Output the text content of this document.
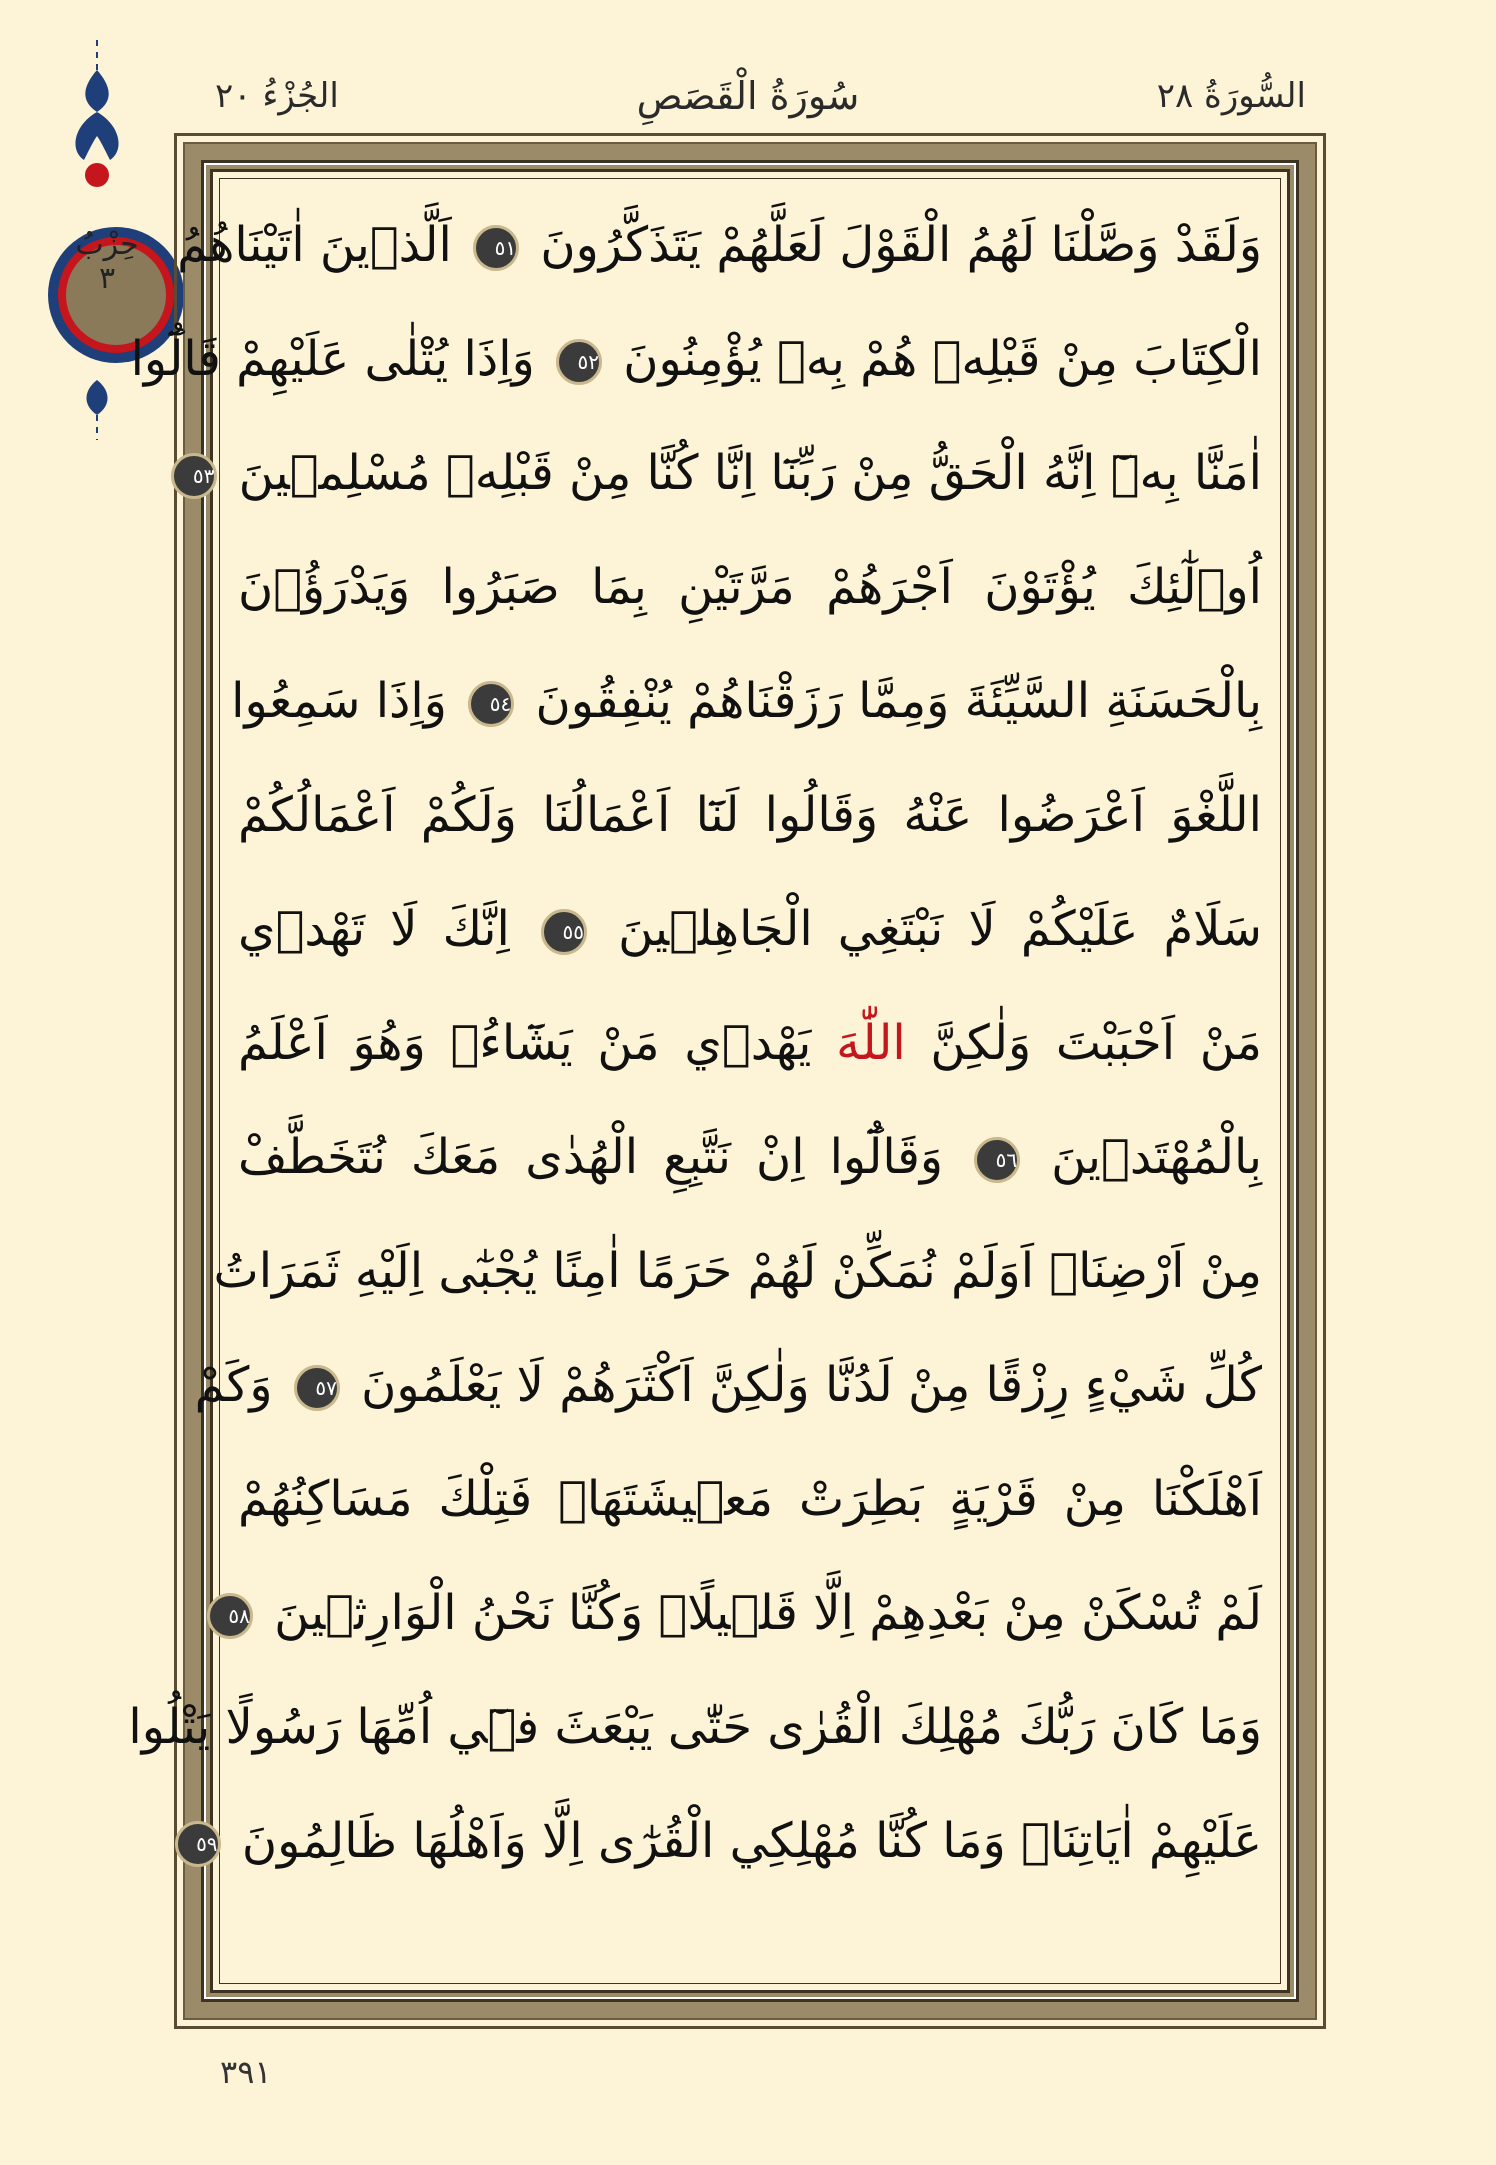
الجُزْءُ ٢٠	سُورَةُ الْقَصَصِ	السُّورَةُ ٢٨
حِزْبُ
٣
وَلَقَدْ وَصَّلْنَا لَهُمُ الْقَوْلَ لَعَلَّهُمْ يَتَذَكَّرُونَ ٥١ اَلَّذ۪ينَ اٰتَيْنَاهُمُ
الْكِتَابَ مِنْ قَبْلِه۪ هُمْ بِه۪ يُؤْمِنُونَ ٥٢ وَاِذَا يُتْلٰى عَلَيْهِمْ قَالُٓوا
اٰمَنَّا بِه۪ٓ اِنَّهُ الْحَقُّ مِنْ رَبِّنَٓا اِنَّا كُنَّا مِنْ قَبْلِه۪ مُسْلِم۪ينَ ٥٣
اُو۬لٰٓئِكَ يُؤْتَوْنَ اَجْرَهُمْ مَرَّتَيْنِ بِمَا صَبَرُوا وَيَدْرَؤُ۫نَ
بِالْحَسَنَةِ السَّيِّئَةَ وَمِمَّا رَزَقْنَاهُمْ يُنْفِقُونَ ٥٤ وَاِذَا سَمِعُوا
اللَّغْوَ اَعْرَضُوا عَنْهُ وَقَالُوا لَنَٓا اَعْمَالُنَا وَلَكُمْ اَعْمَالُكُمْ
سَلَامٌ عَلَيْكُمْ لَا نَبْتَغِي الْجَاهِل۪ينَ ٥٥ اِنَّكَ لَا تَهْد۪ي
مَنْ اَحْبَبْتَ وَلٰكِنَّ اللّٰهَ يَهْد۪ي مَنْ يَشَٓاءُۚ وَهُوَ اَعْلَمُ
بِالْمُهْتَد۪ينَ ٥٦ وَقَالُٓوا اِنْ نَتَّبِعِ الْهُدٰى مَعَكَ نُتَخَطَّفْ
مِنْ اَرْضِنَاۜ اَوَلَمْ نُمَكِّنْ لَهُمْ حَرَمًا اٰمِنًا يُجْبٰٓى اِلَيْهِ ثَمَرَاتُ
كُلِّ شَيْءٍ رِزْقًا مِنْ لَدُنَّا وَلٰكِنَّ اَكْثَرَهُمْ لَا يَعْلَمُونَ ٥٧ وَكَمْ
اَهْلَكْنَا مِنْ قَرْيَةٍ بَطِرَتْ مَع۪يشَتَهَاۚ فَتِلْكَ مَسَاكِنُهُمْ
لَمْ تُسْكَنْ مِنْ بَعْدِهِمْ اِلَّا قَل۪يلًاۜ وَكُنَّا نَحْنُ الْوَارِث۪ينَ ٥٨
وَمَا كَانَ رَبُّكَ مُهْلِكَ الْقُرٰى حَتّٰى يَبْعَثَ ف۪ٓي اُمِّهَا رَسُولًا يَتْلُوا
عَلَيْهِمْ اٰيَاتِنَاۚ وَمَا كُنَّا مُهْلِكِي الْقُرٰٓى اِلَّا وَاَهْلُهَا ظَالِمُونَ ٥٩
٣٩١
